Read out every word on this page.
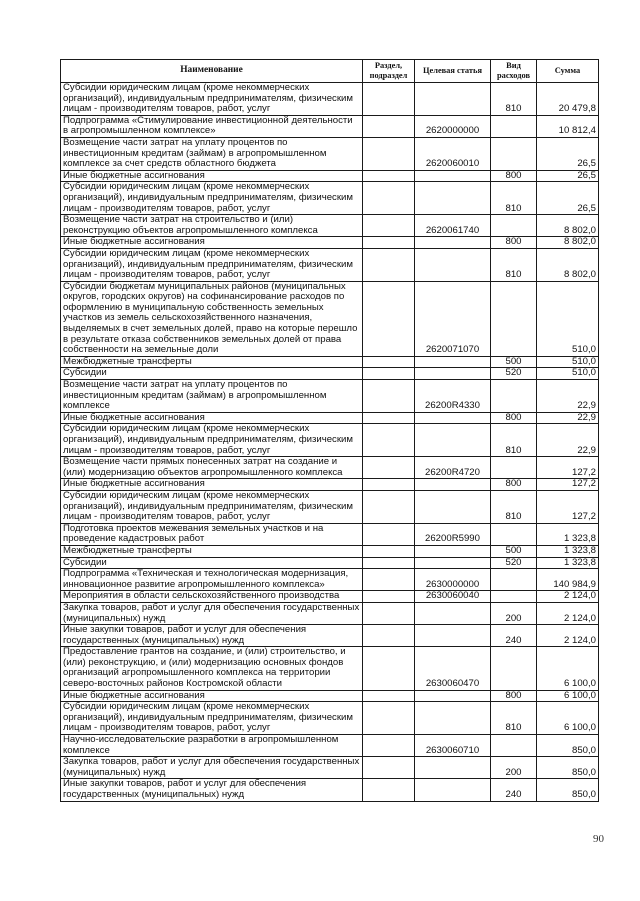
Наименование	Раздел, подраздел	Целевая статья	Вид расходов	Сумма
Субсидии юридическим лицам (кроме некоммерческих организаций), индивидуальным предпринимателям, физическим лицам - производителям товаров, работ, услуг			810	20 479,8
Подпрограмма «Стимулирование инвестиционной деятельности в агропромышленном комплексе»		2620000000		10 812,4
Возмещение части затрат на уплату процентов по инвестиционным кредитам (займам) в агропромышленном комплексе за счет средств областного бюджета		2620060010		26,5
Иные бюджетные ассигнования			800	26,5
Субсидии юридическим лицам (кроме некоммерческих организаций), индивидуальным предпринимателям, физическим лицам - производителям товаров, работ, услуг			810	26,5
Возмещение части затрат на строительство и (или) реконструкцию объектов агропромышленного комплекса		2620061740		8 802,0
Иные бюджетные ассигнования			800	8 802,0
Субсидии юридическим лицам (кроме некоммерческих организаций), индивидуальным предпринимателям, физическим лицам - производителям товаров, работ, услуг			810	8 802,0
Субсидии бюджетам муниципальных районов (муниципальных округов, городских округов) на софинансирование расходов по оформлению в муниципальную собственность земельных участков из земель сельскохозяйственного назначения, выделяемых в счет земельных долей, право на которые перешло в результате отказа собственников земельных долей от права собственности на земельные доли		2620071070		510,0
Межбюджетные трансферты			500	510,0
Субсидии			520	510,0
Возмещение части затрат на уплату процентов по инвестиционным кредитам (займам) в агропромышленном комплексе		26200R4330		22,9
Иные бюджетные ассигнования			800	22,9
Субсидии юридическим лицам (кроме некоммерческих организаций), индивидуальным предпринимателям, физическим лицам - производителям товаров, работ, услуг			810	22,9
Возмещение части прямых понесенных затрат на создание и (или) модернизацию объектов агропромышленного комплекса		26200R4720		127,2
Иные бюджетные ассигнования			800	127,2
Субсидии юридическим лицам (кроме некоммерческих организаций), индивидуальным предпринимателям, физическим лицам - производителям товаров, работ, услуг			810	127,2
Подготовка проектов межевания земельных участков и на проведение кадастровых работ		26200R5990		1 323,8
Межбюджетные трансферты			500	1 323,8
Субсидии			520	1 323,8
Подпрограмма «Техническая и технологическая модернизация, инновационное развитие агропромышленного комплекса»		2630000000		140 984,9
Мероприятия в области сельскохозяйственного производства		2630060040		2 124,0
Закупка товаров, работ и услуг для обеспечения государственных (муниципальных) нужд			200	2 124,0
Иные закупки товаров, работ и услуг для обеспечения государственных (муниципальных) нужд			240	2 124,0
Предоставление грантов на создание, и (или) строительство, и (или) реконструкцию, и (или) модернизацию основных фондов организаций агропромышленного комплекса на территории северо-восточных районов Костромской области		2630060470		6 100,0
Иные бюджетные ассигнования			800	6 100,0
Субсидии юридическим лицам (кроме некоммерческих организаций), индивидуальным предпринимателям, физическим лицам - производителям товаров, работ, услуг			810	6 100,0
Научно-исследовательские разработки в агропромышленном комплексе		2630060710		850,0
Закупка товаров, работ и услуг для обеспечения государственных (муниципальных) нужд			200	850,0
Иные закупки товаров, работ и услуг для обеспечения государственных (муниципальных) нужд			240	850,0
90
